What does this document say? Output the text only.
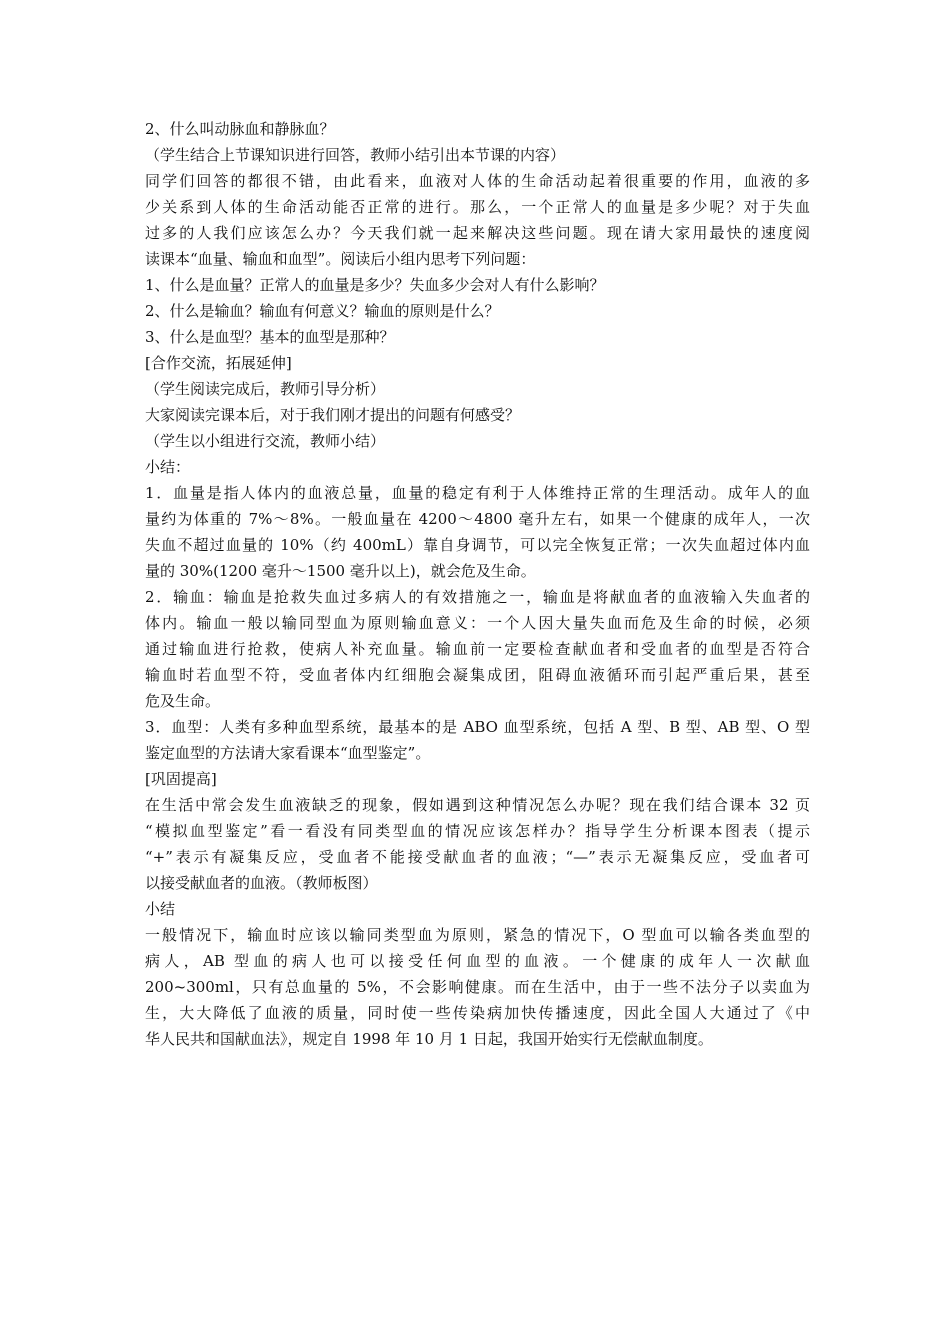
2、什么叫动脉血和静脉血？
（学生结合上节课知识进行回答，教师小结引出本节课的内容）
同学们回答的都很不错，由此看来，血液对人体的生命活动起着很重要的作用，血液的多
少关系到人体的生命活动能否正常的进行。那么，一个正常人的血量是多少呢？对于失血
过多的人我们应该怎么办？今天我们就一起来解决这些问题。现在请大家用最快的速度阅
读课本“血量、输血和血型”。阅读后小组内思考下列问题：
1、什么是血量？正常人的血量是多少？失血多少会对人有什么影响？
2、什么是输血？输血有何意义？输血的原则是什么？
3、什么是血型？基本的血型是那种？
[合作交流，拓展延伸]
（学生阅读完成后，教师引导分析）
大家阅读完课本后，对于我们刚才提出的问题有何感受？
（学生以小组进行交流，教师小结）
小结：
1．血量是指人体内的血液总量，血量的稳定有利于人体维持正常的生理活动。成年人的血
量约为体重的 7%～8%。一般血量在 4200～4800 毫升左右，如果一个健康的成年人，一次
失血不超过血量的 10%（约 400mL）靠自身调节，可以完全恢复正常；一次失血超过体内血
量的 30%(1200 毫升～1500 毫升以上)，就会危及生命。
2．输血：输血是抢救失血过多病人的有效措施之一，输血是将献血者的血液输入失血者的
体内。输血一般以输同型血为原则输血意义：一个人因大量失血而危及生命的时候，必须
通过输血进行抢救，使病人补充血量。输血前一定要检查献血者和受血者的血型是否符合
输血时若血型不符，受血者体内红细胞会凝集成团，阻碍血液循环而引起严重后果，甚至
危及生命。
3．血型：人类有多种血型系统，最基本的是 ABO 血型系统，包括 A 型、B 型、AB 型、O 型
鉴定血型的方法请大家看课本“血型鉴定”。
[巩固提高]
在生活中常会发生血液缺乏的现象，假如遇到这种情况怎么办呢？现在我们结合课本 32 页
“模拟血型鉴定”看一看没有同类型血的情况应该怎样办？指导学生分析课本图表（提示
“+”表示有凝集反应，受血者不能接受献血者的血液；“—”表示无凝集反应，受血者可
以接受献血者的血液。（教师板图）
小结
一般情况下，输血时应该以输同类型血为原则，紧急的情况下，O 型血可以输各类血型的
病人，AB 型血的病人也可以接受任何血型的血液。一个健康的成年人一次献血
200~300ml，只有总血量的 5%，不会影响健康。而在生活中，由于一些不法分子以卖血为
生，大大降低了血液的质量，同时使一些传染病加快传播速度，因此全国人大通过了《中
华人民共和国献血法》，规定自 1998 年 10 月 1 日起，我国开始实行无偿献血制度。
